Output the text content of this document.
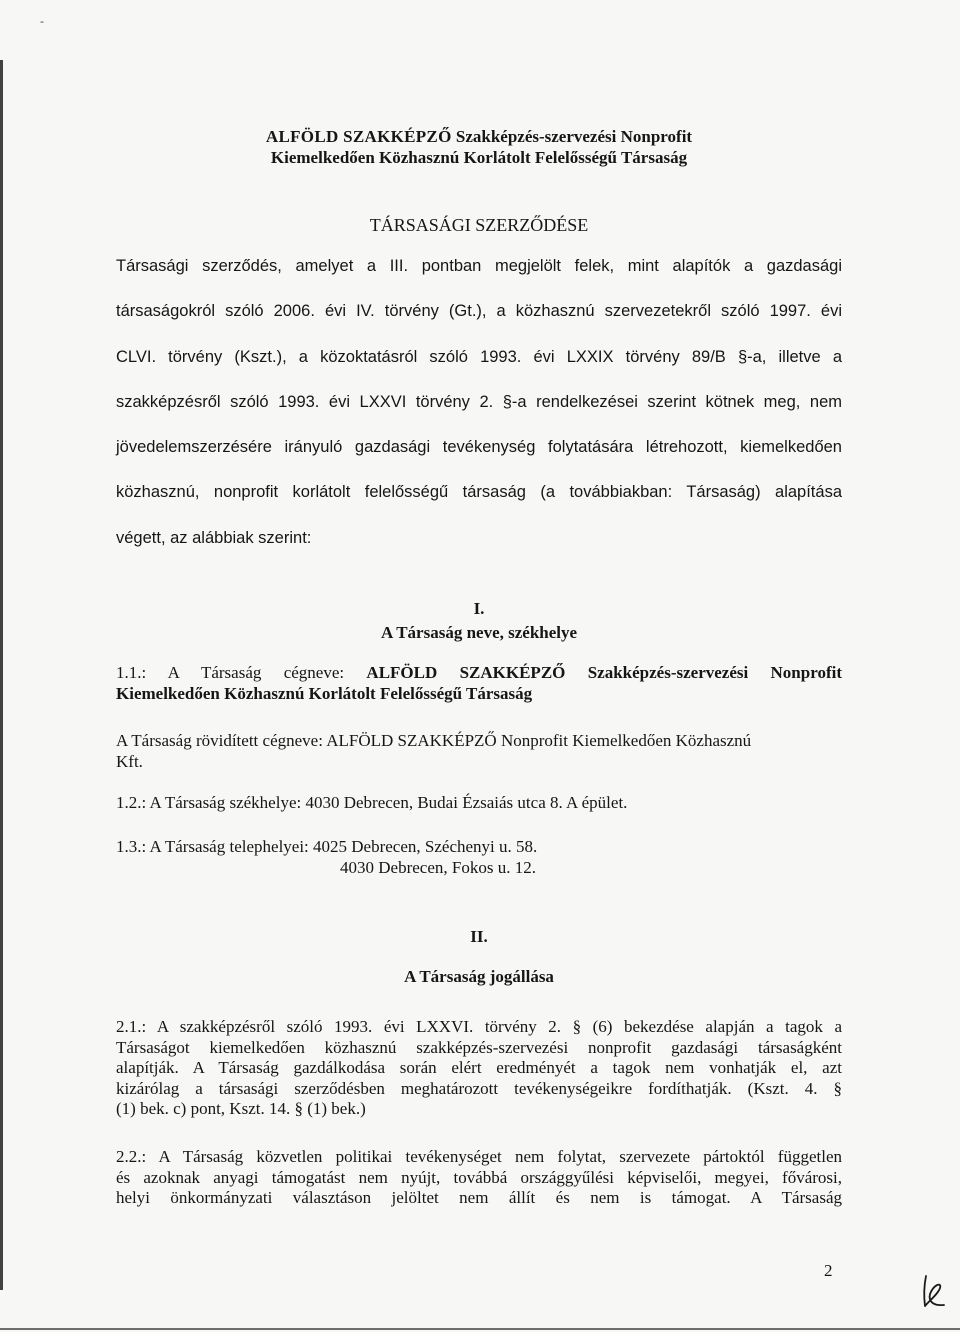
-
ALFÖLD SZAKKÉPZŐ Szakképzés-szervezési Nonprofit
Kiemelkedően Közhasznú Korlátolt Felelősségű Társaság
TÁRSASÁGI SZERZŐDÉSE
Társasági szerződés, amelyet a III. pontban megjelölt felek, mint alapítók a gazdasági
társaságokról szóló 2006. évi IV. törvény (Gt.), a közhasznú szervezetekről szóló 1997. évi
CLVI. törvény (Kszt.), a közoktatásról szóló 1993. évi LXXIX törvény 89/B §-a, illetve a
szakképzésről szóló 1993. évi LXXVI törvény 2. §-a rendelkezései szerint kötnek meg, nem
jövedelemszerzésére irányuló gazdasági tevékenység folytatására létrehozott, kiemelkedően
közhasznú, nonprofit korlátolt felelősségű társaság (a továbbiakban: Társaság) alapítása
végett, az alábbiak szerint:
I.
A Társaság neve, székhelye
1.1.: A Társaság cégneve: ALFÖLD SZAKKÉPZŐ Szakképzés-szervezési Nonprofit
Kiemelkedően Közhasznú Korlátolt Felelősségű Társaság
A Társaság rövidített cégneve: ALFÖLD SZAKKÉPZŐ Nonprofit Kiemelkedően Közhasznú
Kft.
1.2.: A Társaság székhelye: 4030 Debrecen, Budai Ézsaiás utca 8. A épület.
1.3.: A Társaság telephelyei: 4025 Debrecen, Széchenyi u. 58.
4030 Debrecen, Fokos u. 12.
II.
A Társaság jogállása
2.1.: A szakképzésről szóló 1993. évi LXXVI. törvény 2. § (6) bekezdése alapján a tagok a
Társaságot kiemelkedően közhasznú szakképzés-szervezési nonprofit gazdasági társaságként
alapítják. A Társaság gazdálkodása során elért eredményét a tagok nem vonhatják el, azt
kizárólag a társasági szerződésben meghatározott tevékenységeikre fordíthatják. (Kszt. 4. §
(1) bek. c) pont, Kszt. 14. § (1) bek.)
2.2.: A Társaság közvetlen politikai tevékenységet nem folytat, szervezete pártoktól független
és azoknak anyagi támogatást nem nyújt, továbbá országgyűlési képviselői, megyei, fővárosi,
helyi önkormányzati választáson jelöltet nem állít és nem is támogat. A Társaság
2
